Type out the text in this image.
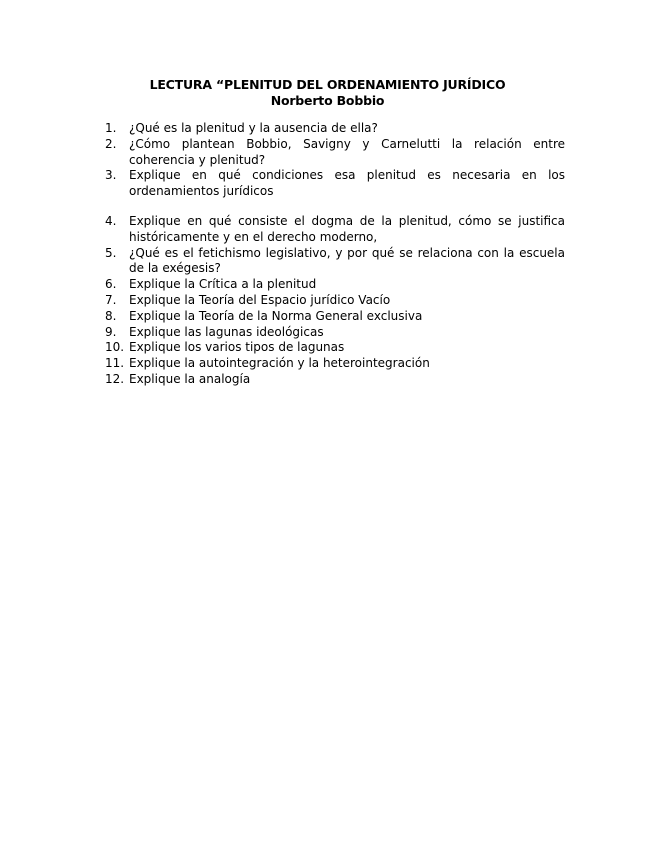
LECTURA “PLENITUD DEL ORDENAMIENTO JURÍDICO
Norberto Bobbio
1.	¿Qué es la plenitud y la ausencia de ella?
2.	¿Cómo plantean Bobbio, Savigny y Carnelutti la relación entre coherencia y plenitud?
3.	Explique en qué condiciones esa plenitud es necesaria en los ordenamientos jurídicos
4.	Explique en qué consiste el dogma de la plenitud, cómo se justifica históricamente y en el derecho moderno,
5.	¿Qué es el fetichismo legislativo, y por qué se relaciona con la escuela de la exégesis?
6.	Explique la Crítica a la plenitud
7.	Explique la Teoría del Espacio jurídico Vacío
8.	Explique la Teoría de la Norma General exclusiva
9.	Explique las lagunas ideológicas
10. Explique los varios tipos de lagunas
11. Explique la autointegración y la heterointegración
12. Explique la analogía
